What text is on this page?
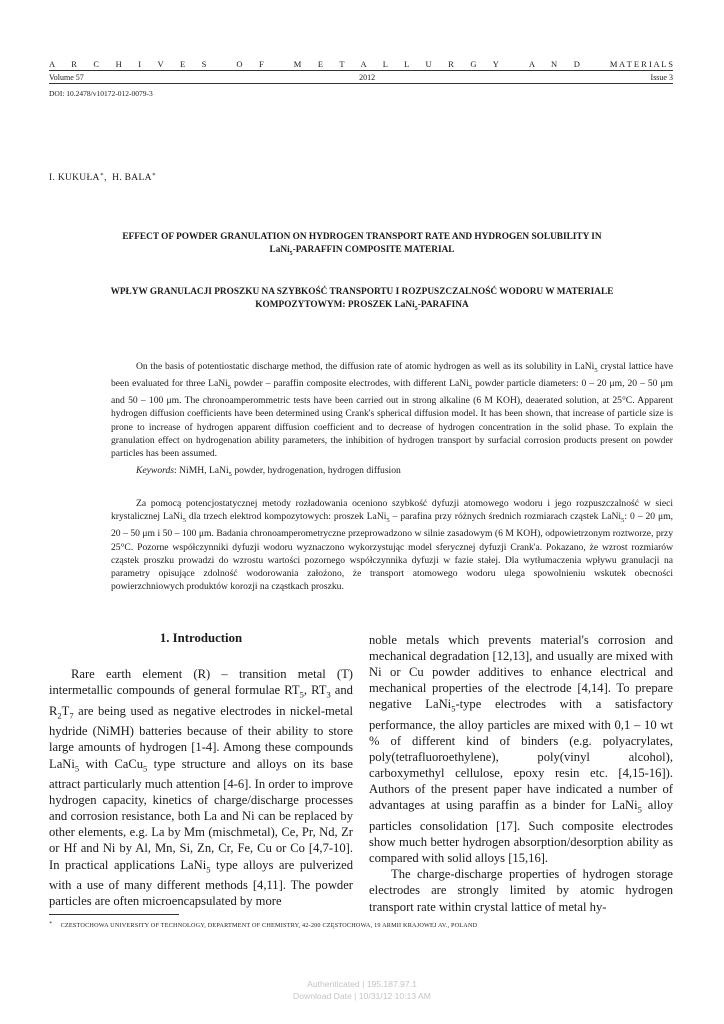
A R C H I V E S	O F	M E T A L L U R G Y	A N D	M A T E R I A L S
Volume 57	2012	Issue 3
DOI: 10.2478/v10172-012-0079-3
I. KUKUŁA∗,  H. BALA∗
EFFECT OF POWDER GRANULATION ON HYDROGEN TRANSPORT RATE AND HYDROGEN SOLUBILITY IN
LaNi$_5$-PARAFFIN COMPOSITE MATERIAL
WPŁYW GRANULACJI PROSZKU NA SZYBKOŚĆ TRANSPORTU I ROZPUSZCZALNOŚĆ WODORU W MATERIALE
KOMPOZYTOWYM: PROSZEK LaNi$_5$-PARAFINA
On the basis of potentiostatic discharge method, the diffusion rate of atomic hydrogen as well as its solubility in LaNi$_5$ crystal lattice have been evaluated for three LaNi$_5$ powder – paraffin composite electrodes, with different LaNi$_5$ powder particle diameters: 0 – 20 μm, 20 – 50 μm and 50 – 100 μm. The chronoamperommetric tests have been carried out in strong alkaline (6 M KOH), deaerated solution, at 25°C. Apparent hydrogen diffusion coefficients have been determined using Crank's spherical diffusion model. It has been shown, that increase of particle size is prone to increase of hydrogen apparent diffusion coefficient and to decrease of hydrogen concentration in the solid phase. To explain the granulation effect on hydrogenation ability parameters, the inhibition of hydrogen transport by surfacial corrosion products present on powder particles has been assumed.
Keywords: NiMH, LaNi$_5$ powder, hydrogenation, hydrogen diffusion
Za pomocą potencjostatycznej metody rozładowania oceniono szybkość dyfuzji atomowego wodoru i jego rozpuszczalność w sieci krystalicznej LaNi$_5$ dla trzech elektrod kompozytowych: proszek LaNi$_5$ – parafina przy różnych średnich rozmiarach cząstek LaNi$_5$: 0 – 20 μm, 20 – 50 μm i 50 – 100 μm. Badania chronoamperometryczne przeprowadzono w silnie zasadowym (6 M KOH), odpowietrzonym roztworze, przy 25°C. Pozorne współczynniki dyfuzji wodoru wyznaczono wykorzystując model sferycznej dyfuzji Crank'a. Pokazano, że wzrost rozmiarów cząstek proszku prowadzi do wzrostu wartości pozornego współczynnika dyfuzji w fazie stałej. Dla wytłumaczenia wpływu granulacji na parametry opisujące zdolność wodorowania założono, że transport atomowego wodoru ulega spowolnieniu wskutek obecności powierzchniowych produktów korozji na cząstkach proszku.
1. Introduction

Rare earth element (R) – transition metal (T) intermetallic compounds of general formulae $RT_5$, $RT_3$ and $R_2T_7$ are being used as negative electrodes in nickel-metal hydride (NiMH) batteries because of their ability to store large amounts of hydrogen [1-4]. Among these compounds LaNi$_5$ with CaCu$_5$ type structure and alloys on its base attract particularly much attention [4-6]. In order to improve hydrogen capacity, kinetics of charge/discharge processes and corrosion resistance, both La and Ni can be replaced by other elements, e.g. La by Mm (mischmetal), Ce, Pr, Nd, Zr or Hf and Ni by Al, Mn, Si, Zn, Cr, Fe, Cu or Co [4,7-10]. In practical applications LaNi$_5$ type alloys are pulverized with a use of many different methods [4,11]. The powder particles are often microencapsulated by more

noble metals which prevents material's corrosion and mechanical degradation [12,13], and usually are mixed with Ni or Cu powder additives to enhance electrical and mechanical properties of the electrode [4,14]. To prepare negative LaNi$_5$-type electrodes with a satisfactory performance, the alloy particles are mixed with 0,1 – 10 wt % of different kind of binders (e.g. polyacrylates, poly(tetrafluoroethylene), poly(vinyl alcohol), carboxymethyl cellulose, epoxy resin etc. [4,15-16]). Authors of the present paper have indicated a number of advantages at using paraffin as a binder for LaNi$_5$ alloy particles consolidation [17]. Such composite electrodes show much better hydrogen absorption/desorption ability as compared with solid alloys [15,16].

The charge-discharge properties of hydrogen storage electrodes are strongly limited by atomic hydrogen transport rate within crystal lattice of metal hy-

∗ CZESTOCHOWA UNIVERSITY OF TECHNOLOGY, DEPARTMENT OF CHEMISTRY, 42-200 CZĘSTOCHOWA, 19 ARMII KRAJOWEJ AV., POLAND
Authenticated | 195.187.97.1
Download Date | 10/31/12 10:13 AM
